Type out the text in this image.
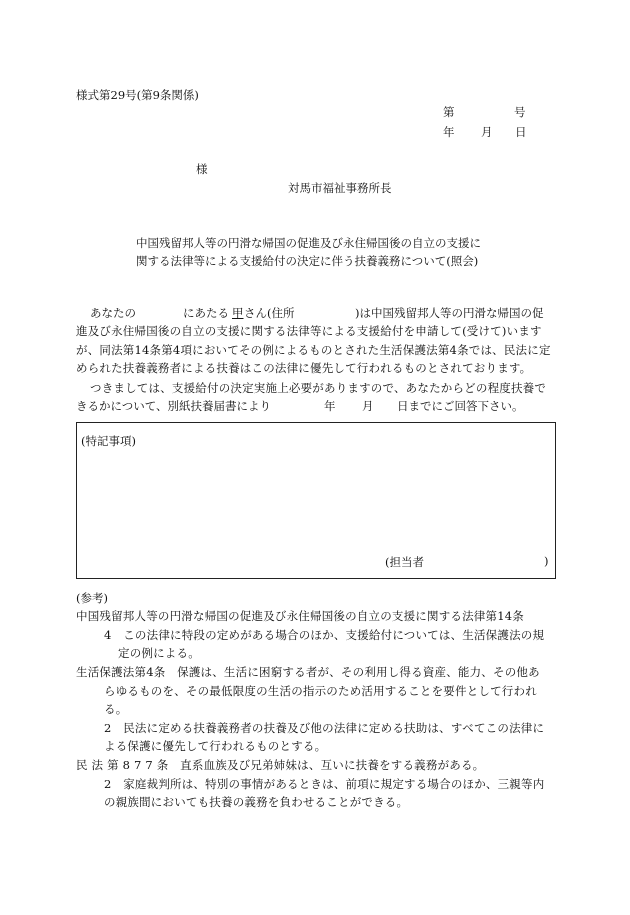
様式第29号(第9条関係)
第	号
年 月 日
様
対馬市福祉事務所長
中国残留邦人等の円滑な帰国の促進及び永住帰国後の自立の支援に
関する法律等による支援給付の決定に伴う扶養義務について(照会)
あなたの	にあたる 甲 さん(住所	)は中国残留邦人等の円滑な帰国の促
進及び永住帰国後の自立の支援に関する法律等による支援給付を申請して(受けて)います
が、同法第14条第4項においてその例によるものとされた生活保護法第4条では、民法に定
められた扶養義務者による扶養はこの法律に優先して行われるものとされております。
つきましては、支援給付の決定実施上必要がありますので、あなたからどの程度扶養で
きるかについて、別紙扶養届書により	年 月 日までにご回答下さい。
(特記事項)
(担当者	)
(参考)
中国残留邦人等の円滑な帰国の促進及び永住帰国後の自立の支援に関する法律第14条
4　この法律に特段の定めがある場合のほか、支援給付については、生活保護法の規
定の例による。
生活保護法第4条　保護は、生活に困窮する者が、その利用し得る資産、能力、その他あ
らゆるものを、その最低限度の生活の指示のため活用することを要件として行われ
る。
2　民法に定める扶養義務者の扶養及び他の法律に定める扶助は、すべてこの法律に
よる保護に優先して行われるものとする。
民 法 第 8 7 7 条　直系血族及び兄弟姉妹は、互いに扶養をする義務がある。
2　家庭裁判所は、特別の事情があるときは、前項に規定する場合のほか、三親等内
の親族間においても扶養の義務を負わせることができる。
